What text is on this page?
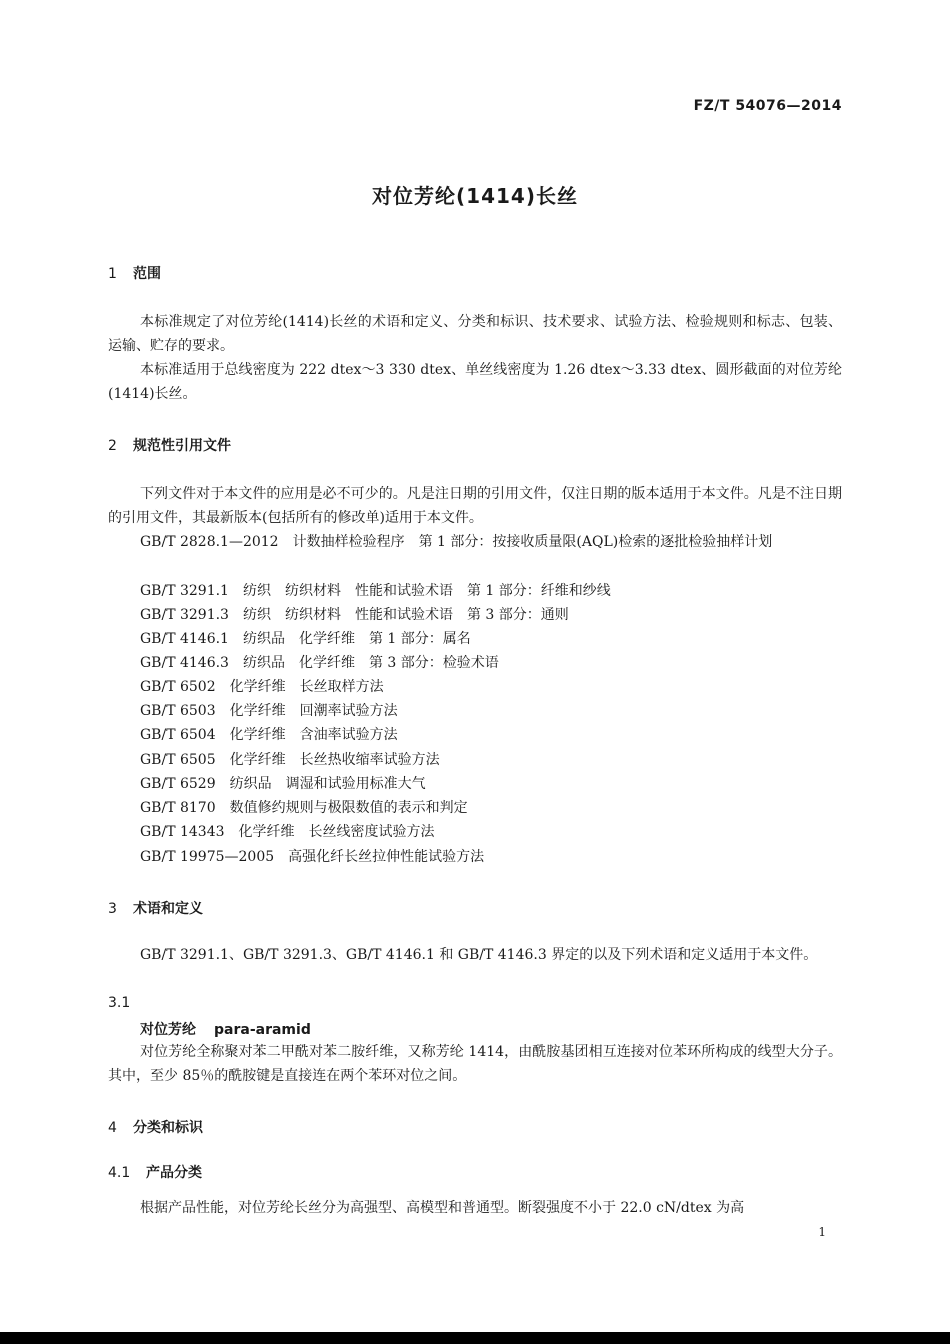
FZ/T 54076—2014
对位芳纶(1414)长丝
1 范围
本标准规定了对位芳纶(1414)长丝的术语和定义、分类和标识、技术要求、试验方法、检验规则和标志、包装、运输、贮存的要求。
本标准适用于总线密度为 222 dtex～3 330 dtex、单丝线密度为 1.26 dtex～3.33 dtex、圆形截面的对位芳纶(1414)长丝。
2 规范性引用文件
下列文件对于本文件的应用是必不可少的。凡是注日期的引用文件，仅注日期的版本适用于本文件。凡是不注日期的引用文件，其最新版本(包括所有的修改单)适用于本文件。
GB/T 2828.1—2012　计数抽样检验程序　第 1 部分：按接收质量限(AQL)检索的逐批检验抽样计划
GB/T 3291.1 纺织　纺织材料　性能和试验术语　第 1 部分：纤维和纱线
GB/T 3291.3 纺织　纺织材料　性能和试验术语　第 3 部分：通则
GB/T 4146.1 纺织品　化学纤维　第 1 部分：属名
GB/T 4146.3 纺织品　化学纤维　第 3 部分：检验术语
GB/T 6502 化学纤维　长丝取样方法
GB/T 6503 化学纤维　回潮率试验方法
GB/T 6504 化学纤维　含油率试验方法
GB/T 6505 化学纤维　长丝热收缩率试验方法
GB/T 6529 纺织品　调湿和试验用标准大气
GB/T 8170 数值修约规则与极限数值的表示和判定
GB/T 14343 化学纤维　长丝线密度试验方法
GB/T 19975—2005 高强化纤长丝拉伸性能试验方法
3 术语和定义
GB/T 3291.1、GB/T 3291.3、GB/T 4146.1 和 GB/T 4146.3 界定的以及下列术语和定义适用于本文件。
3.1
对位芳纶 para-aramid
对位芳纶全称聚对苯二甲酰对苯二胺纤维，又称芳纶 1414，由酰胺基团相互连接对位苯环所构成的线型大分子。其中，至少 85％的酰胺键是直接连在两个苯环对位之间。
4 分类和标识
4.1 产品分类
根据产品性能，对位芳纶长丝分为高强型、高模型和普通型。断裂强度不小于 22.0 cN/dtex 为高
1
